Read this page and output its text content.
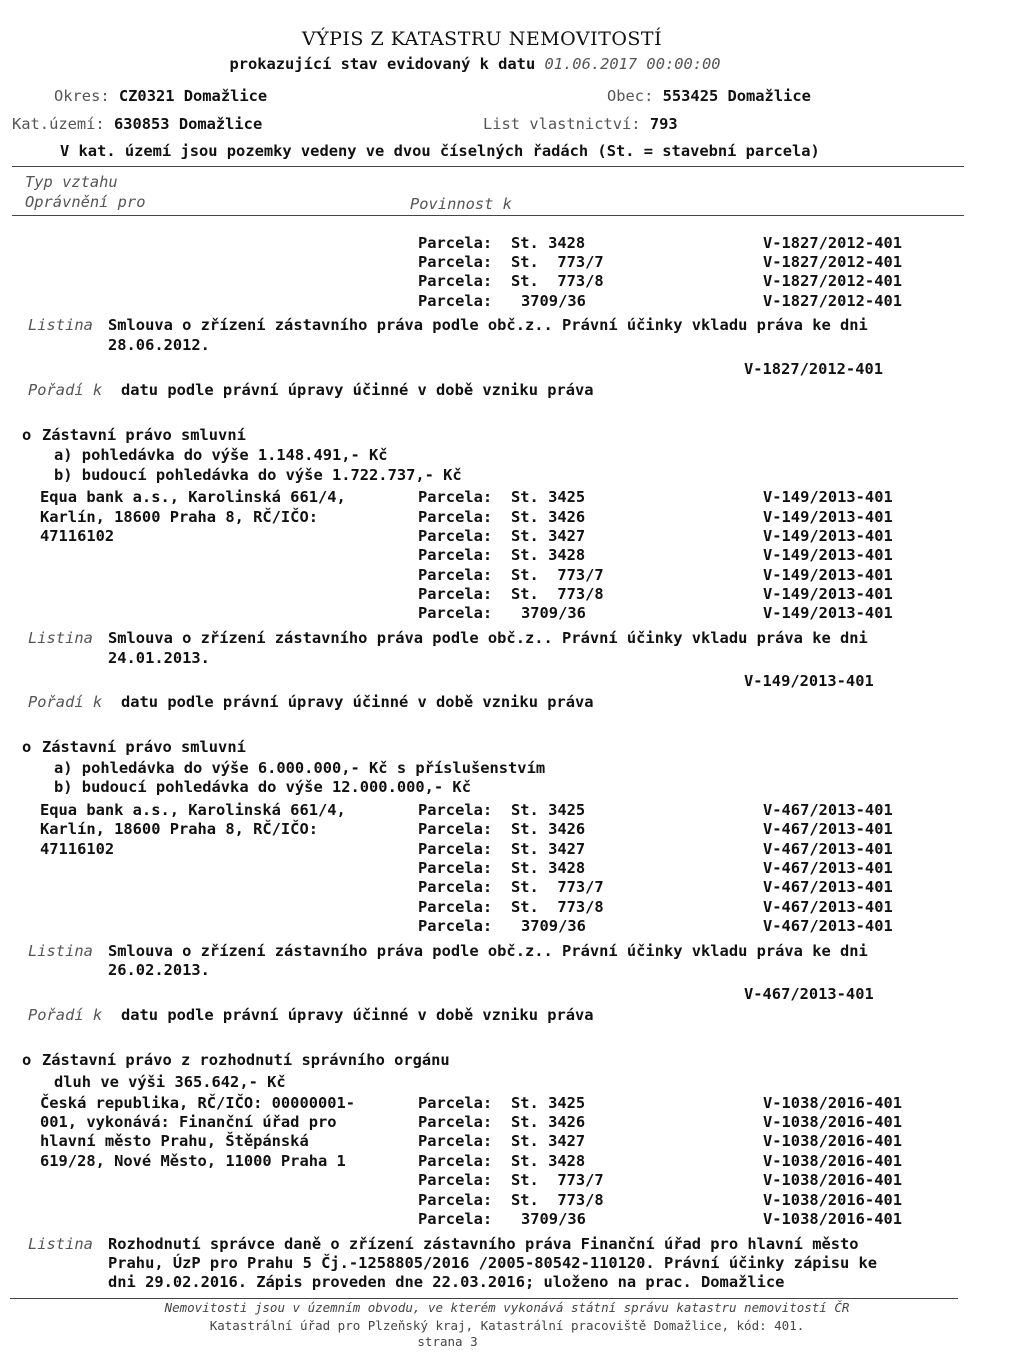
VÝPIS Z KATASTRU NEMOVITOSTÍ
prokazující stav evidovaný k datu 01.06.2017 00:00:00
Okres: CZ0321 Domažlice	Obec: 553425 Domažlice
Kat.území: 630853 Domažlice	List vlastnictví: 793
V kat. území jsou pozemky vedeny ve dvou číselných řadách (St. = stavební parcela)
Typ vztahu
Oprávnění pro	Povinnost k
Parcela: St. 3428	V-1827/2012-401
Parcela: St.  773/7	V-1827/2012-401
Parcela: St.  773/8	V-1827/2012-401
Parcela: 3709/36	V-1827/2012-401
Listina Smlouva o zřízení zástavního práva podle obč.z.. Právní účinky vkladu práva ke dni
28.06.2012.
V-1827/2012-401
Pořadí k datu podle právní úpravy účinné v době vzniku práva
o Zástavní právo smluvní
a) pohledávka do výše 1.148.491,- Kč
b) budoucí pohledávka do výše 1.722.737,- Kč
Equa bank a.s., Karolinská 661/4,
Karlín, 18600 Praha 8, RČ/IČO:
47116102
Parcela: St. 3425	V-149/2013-401
Parcela: St. 3426	V-149/2013-401
Parcela: St. 3427	V-149/2013-401
Parcela: St. 3428	V-149/2013-401
Parcela: St.  773/7	V-149/2013-401
Parcela: St.  773/8	V-149/2013-401
Parcela: 3709/36	V-149/2013-401
Listina Smlouva o zřízení zástavního práva podle obč.z.. Právní účinky vkladu práva ke dni
24.01.2013.
V-149/2013-401
Pořadí k datu podle právní úpravy účinné v době vzniku práva
o Zástavní právo smluvní
a) pohledávka do výše 6.000.000,- Kč s příslušenstvím
b) budoucí pohledávka do výše 12.000.000,- Kč
Equa bank a.s., Karolinská 661/4,
Karlín, 18600 Praha 8, RČ/IČO:
47116102
Parcela: St. 3425	V-467/2013-401
Parcela: St. 3426	V-467/2013-401
Parcela: St. 3427	V-467/2013-401
Parcela: St. 3428	V-467/2013-401
Parcela: St.  773/7	V-467/2013-401
Parcela: St.  773/8	V-467/2013-401
Parcela: 3709/36	V-467/2013-401
Listina Smlouva o zřízení zástavního práva podle obč.z.. Právní účinky vkladu práva ke dni
26.02.2013.
V-467/2013-401
Pořadí k datu podle právní úpravy účinné v době vzniku práva
o Zástavní právo z rozhodnutí správního orgánu
dluh ve výši 365.642,- Kč
Česká republika, RČ/IČO: 00000001-
001, vykonává: Finanční úřad pro
hlavní město Prahu, Štěpánská
619/28, Nové Město, 11000 Praha 1
Parcela: St. 3425	V-1038/2016-401
Parcela: St. 3426	V-1038/2016-401
Parcela: St. 3427	V-1038/2016-401
Parcela: St. 3428	V-1038/2016-401
Parcela: St.  773/7	V-1038/2016-401
Parcela: St.  773/8	V-1038/2016-401
Parcela: 3709/36	V-1038/2016-401
Listina Rozhodnutí správce daně o zřízení zástavního práva Finanční úřad pro hlavní město
Prahu, ÚzP pro Prahu 5 Čj.-1258805/2016 /2005-80542-110120. Právní účinky zápisu ke
dni 29.02.2016. Zápis proveden dne 22.03.2016; uloženo na prac. Domažlice
Nemovitosti jsou v územním obvodu, ve kterém vykonává státní správu katastru nemovitostí ČR
Katastrální úřad pro Plzeňský kraj, Katastrální pracoviště Domažlice, kód: 401.
strana 3
